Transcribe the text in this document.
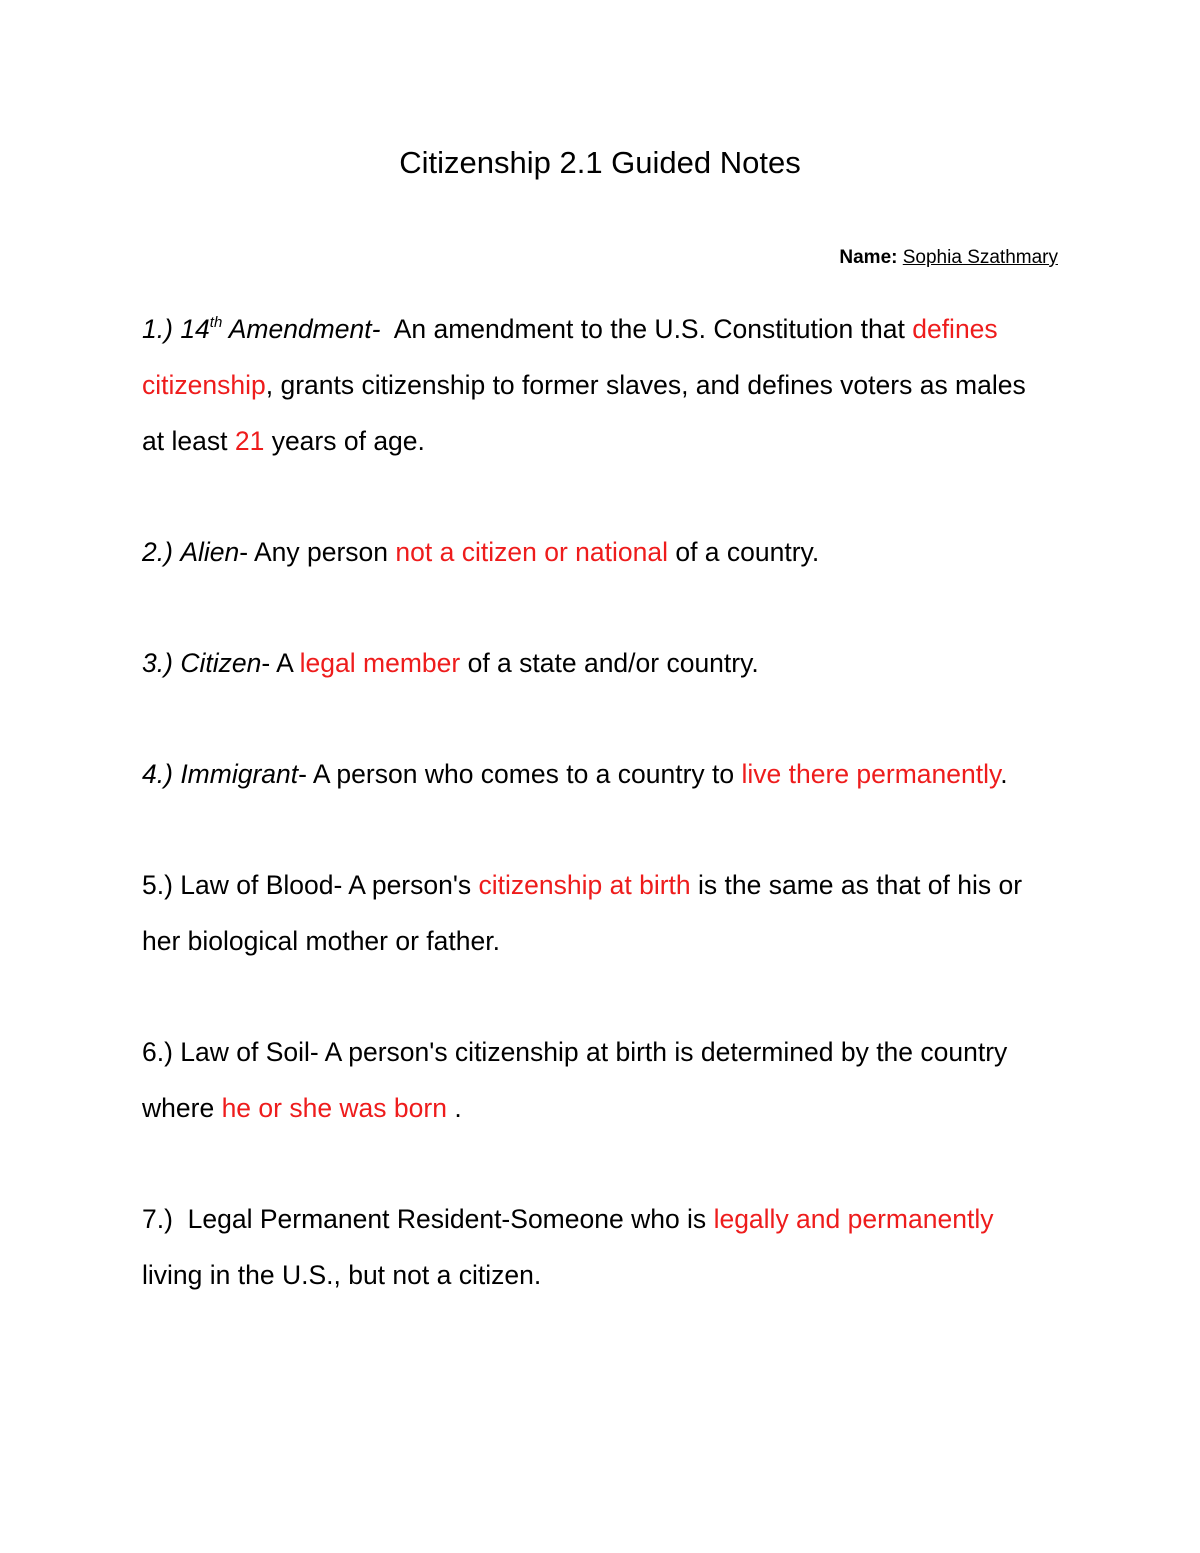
Citizenship 2.1 Guided Notes
Name: Sophia Szathmary

1.) 14th Amendment- An amendment to the U.S. Constitution that defines citizenship, grants citizenship to former slaves, and defines voters as males at least 21 years of age.

2.) Alien- Any person not a citizen or national of a country.

3.) Citizen- A legal member of a state and/or country.

4.) Immigrant- A person who comes to a country to live there permanently.

5.) Law of Blood- A person's citizenship at birth is the same as that of his or her biological mother or father.

6.) Law of Soil- A person's citizenship at birth is determined by the country where he or she was born .

7.)  Legal Permanent Resident-Someone who is legally and permanently living in the U.S., but not a citizen.
